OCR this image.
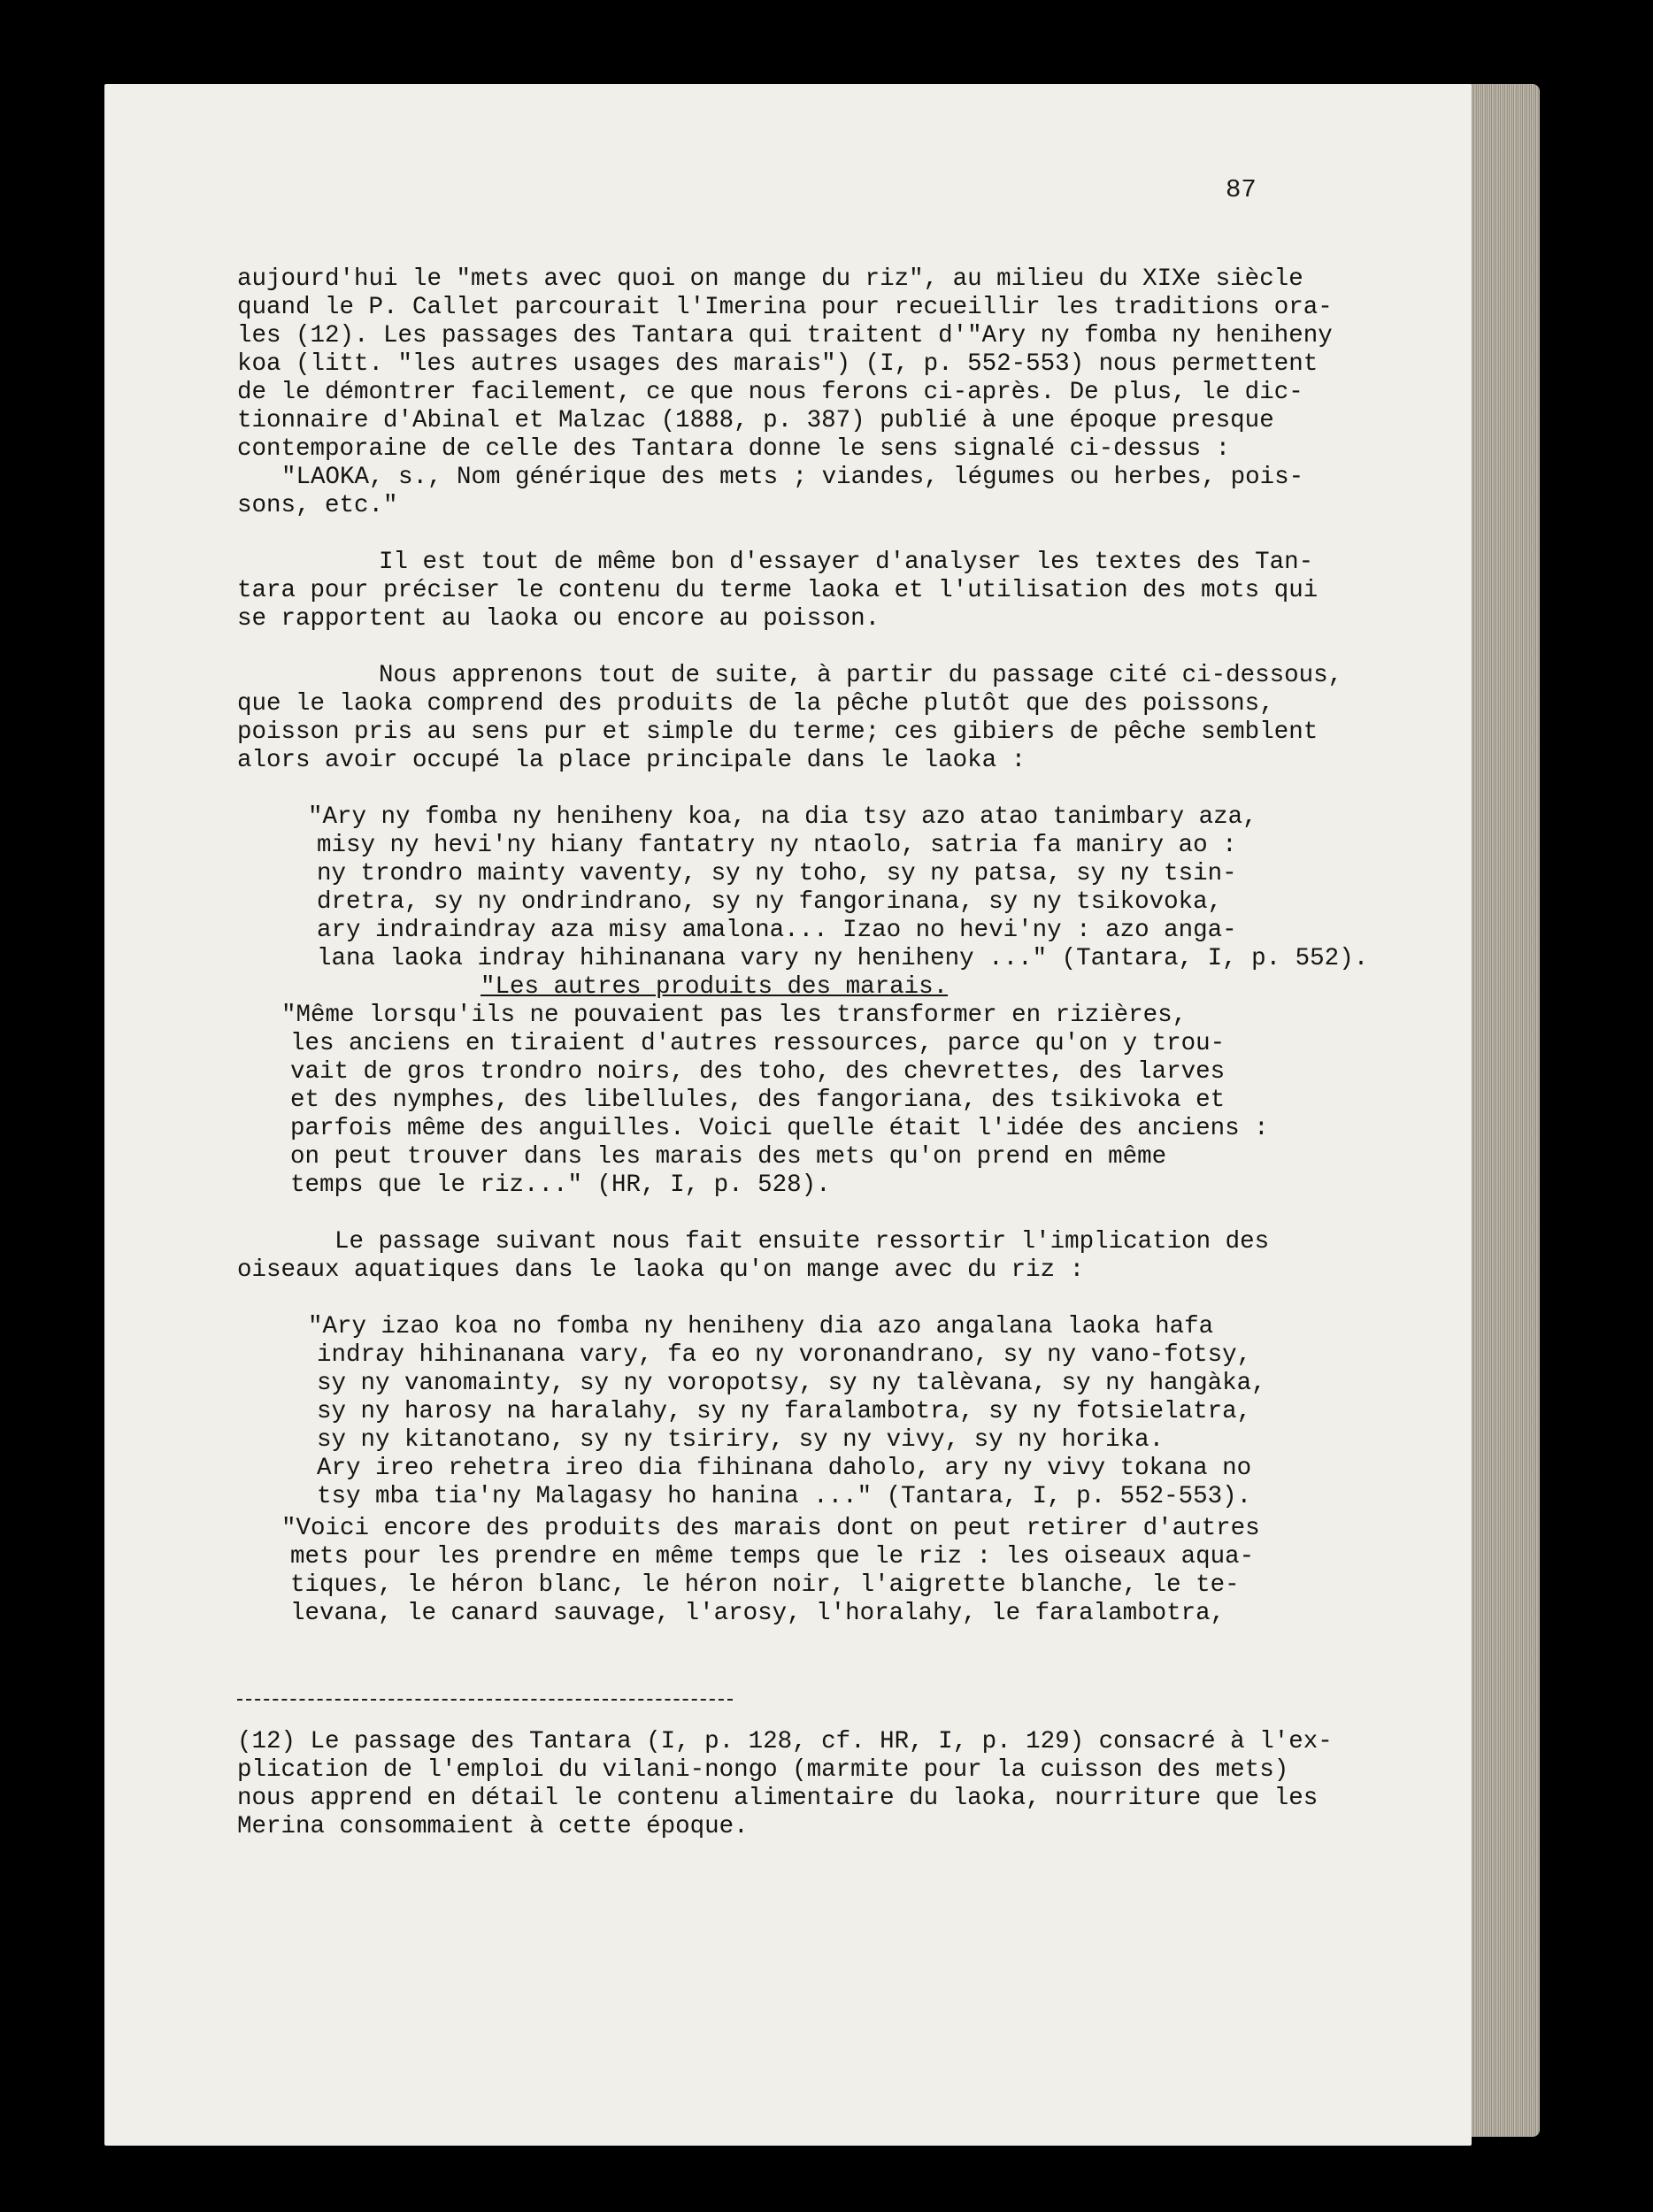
87

aujourd'hui le "mets avec quoi on mange du riz", au milieu du XIXe siècle

quand le P. Callet parcourait l'Imerina pour recueillir les traditions ora-

les (12). Les passages des Tantara qui traitent d'"Ary ny fomba ny heniheny

koa (litt. "les autres usages des marais") (I, p. 552-553) nous permettent

de le démontrer facilement, ce que nous ferons ci-après. De plus, le dic-

tionnaire d'Abinal et Malzac (1888, p. 387) publié à une époque presque

contemporaine de celle des Tantara donne le sens signalé ci-dessus :

"LAOKA, s., Nom générique des mets ; viandes, légumes ou herbes, pois-

sons, etc."

Il est tout de même bon d'essayer d'analyser les textes des Tan-

tara pour préciser le contenu du terme laoka et l'utilisation des mots qui

se rapportent au laoka ou encore au poisson.

Nous apprenons tout de suite, à partir du passage cité ci-dessous,

que le laoka comprend des produits de la pêche plutôt que des poissons,

poisson pris au sens pur et simple du terme; ces gibiers de pêche semblent

alors avoir occupé la place principale dans le laoka :

"Ary ny fomba ny heniheny koa, na dia tsy azo atao tanimbary aza,

misy ny hevi'ny hiany fantatry ny ntaolo, satria fa maniry ao :

ny trondro mainty vaventy, sy ny toho, sy ny patsa, sy ny tsin-

dretra, sy ny ondrindrano, sy ny fangorinana, sy ny tsikovoka,

ary indraindray aza misy amalona... Izao no hevi'ny : azo anga-

lana laoka indray hihinanana vary ny heniheny ..." (Tantara, I, p. 552).

"Les autres produits des marais.

"Même lorsqu'ils ne pouvaient pas les transformer en rizières,

les anciens en tiraient d'autres ressources, parce qu'on y trou-

vait de gros trondro noirs, des toho, des chevrettes, des larves

et des nymphes, des libellules, des fangoriana, des tsikivoka et

parfois même des anguilles. Voici quelle était l'idée des anciens :

on peut trouver dans les marais des mets qu'on prend en même

temps que le riz..." (HR, I, p. 528).

Le passage suivant nous fait ensuite ressortir l'implication des

oiseaux aquatiques dans le laoka qu'on mange avec du riz :

"Ary izao koa no fomba ny heniheny dia azo angalana laoka hafa

indray hihinanana vary, fa eo ny voronandrano, sy ny vano-fotsy,

sy ny vanomainty, sy ny voropotsy, sy ny talèvana, sy ny hangàka,

sy ny harosy na haralahy, sy ny faralambotra, sy ny fotsielatra,

sy ny kitanotano, sy ny tsiriry, sy ny vivy, sy ny horika.

Ary ireo rehetra ireo dia fihinana daholo, ary ny vivy tokana no

tsy mba tia'ny Malagasy ho hanina ..." (Tantara, I, p. 552-553).

"Voici encore des produits des marais dont on peut retirer d'autres

mets pour les prendre en même temps que le riz : les oiseaux aqua-

tiques, le héron blanc, le héron noir, l'aigrette blanche, le te-

levana, le canard sauvage, l'arosy, l'horalahy, le faralambotra,

(12) Le passage des Tantara (I, p. 128, cf. HR, I, p. 129) consacré à l'ex-

plication de l'emploi du vilani-nongo (marmite pour la cuisson des mets)

nous apprend en détail le contenu alimentaire du laoka, nourriture que les

Merina consommaient à cette époque.
